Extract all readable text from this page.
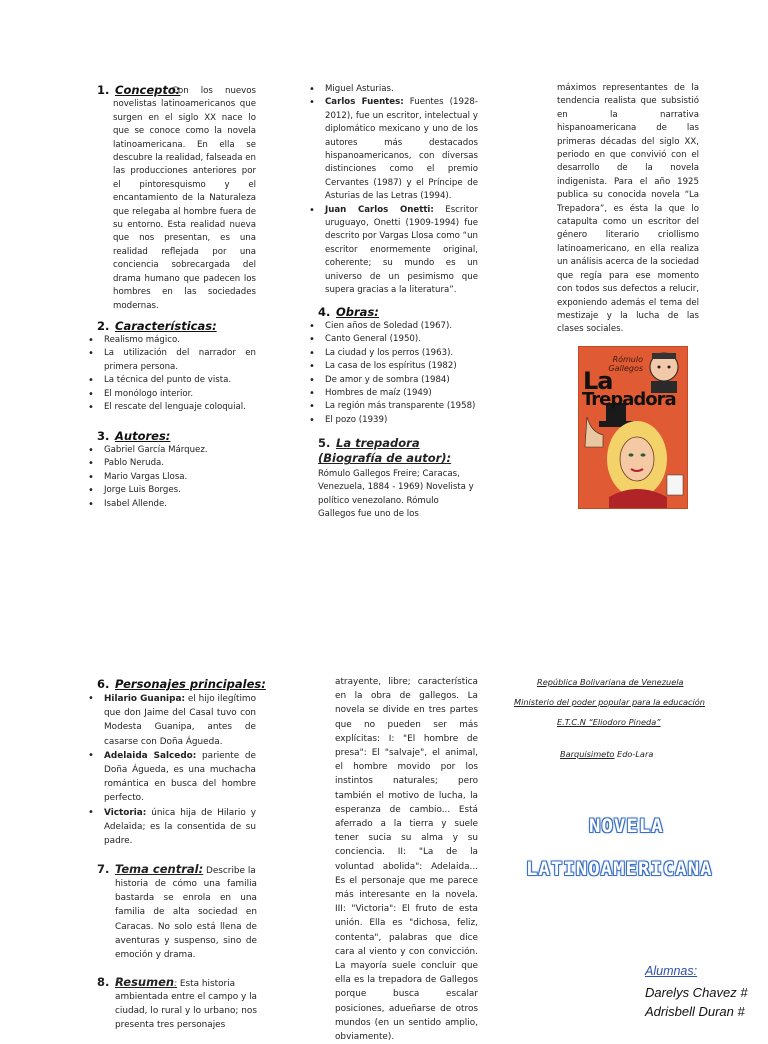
1. Concepto:
Con los nuevos novelistas latinoamericanos que surgen en el siglo XX nace lo que se conoce como la novela latinoamericana. En ella se descubre la realidad, falseada en las producciones anteriores por el pintoresquismo y el encantamiento de la Naturaleza que relegaba al hombre fuera de su entorno. Esta realidad nueva que nos presentan, es una realidad reflejada por una conciencia sobrecargada del drama humano que padecen los hombres en las sociedades modernas.
2. Características:
• Realismo mágico.
• La utilización del narrador en primera persona.
• La técnica del punto de vista.
• El monólogo interior.
• El rescate del lenguaje coloquial.
3. Autores:
• Gabriel García Márquez.
• Pablo Neruda.
• Mario Vargas Llosa.
• Jorge Luis Borges.
• Isabel Allende.
• Miguel Asturias.
• Carlos Fuentes: Fuentes (1928-2012), fue un escritor, intelectual y diplomático mexicano y uno de los autores más destacados hispanoamericanos, con diversas distinciones como el premio Cervantes (1987) y el Príncipe de Asturias de las Letras (1994).
• Juan Carlos Onetti: Escritor uruguayo, Onetti (1909-1994) fue descrito por Vargas Llosa como “un escritor enormemente original, coherente; su mundo es un universo de un pesimismo que supera gracias a la literatura”.
4. Obras:
• Cien años de Soledad (1967).
• Canto General (1950).
• La ciudad y los perros (1963).
• La casa de los espíritus (1982)
• De amor y de sombra (1984)
• Hombres de maíz (1949)
• La región más transparente (1958)
• El pozo (1939)
5. La trepadora (Biografía de autor): Rómulo Gallegos Freire; Caracas, Venezuela, 1884 - 1969) Novelista y político venezolano. Rómulo Gallegos fue uno de los
máximos representantes de la tendencia realista que subsistió en la narrativa hispanoamericana de las primeras décadas del siglo XX, periodo en que convivió con el desarrollo de la novela indigenista. Para el año 1925 publica su conocida novela “La Trepadora”, es ésta la que lo catapulta como un escritor del género literario criollismo latinoamericano, en ella realiza un análisis acerca de la sociedad que regía para ese momento con todos sus defectos a relucir, exponiendo además el tema del mestizaje y la lucha de las clases sociales.
Rómulo Gallegos
La
Trepadora
6. Personajes principales:
• Hilario Guanipa: el hijo ilegítimo que don Jaime del Casal tuvo con Modesta Guanipa, antes de casarse con Doña Águeda.
• Adelaida Salcedo: pariente de Doña Águeda, es una muchacha romántica en busca del hombre perfecto.
• Victoria: única hija de Hilario y Adelaida; es la consentida de su padre.
7. Tema central: Describe la
historia de cómo una familia bastarda se enrola en una familia de alta sociedad en Caracas. No solo está llena de aventuras y suspenso, sino de emoción y drama.
8. Resumen: Esta historia
ambientada entre el campo y la ciudad, lo rural y lo urbano; nos presenta tres personajes
atrayente, libre; característica en la obra de gallegos. La novela se divide en tres partes que no pueden ser más explícitas: I: "El hombre de presa": El "salvaje", el animal, el hombre movido por los instintos naturales; pero también el motivo de lucha, la esperanza de cambio... Está aferrado a la tierra y suele tener sucia su alma y su conciencia. II: "La de la voluntad abolida": Adelaida... Es el personaje que me parece más interesante en la novela. III: "Victoria": El fruto de esta unión. Ella es "dichosa, feliz, contenta", palabras que dice cara al viento y con convicción. La mayoría suele concluir que ella es la trepadora de Gallegos porque busca escalar posiciones, adueñarse de otros mundos (en un sentido amplio, obviamente).
República Bolivariana de Venezuela
Ministerio del poder popular para la educación
E.T.C.N “Eliodoro Pineda”
Barquisimeto Edo-Lara
NOVELA
LATINOAMERICANA
Alumnas:
Darelys Chavez #
Adrisbell Duran #
